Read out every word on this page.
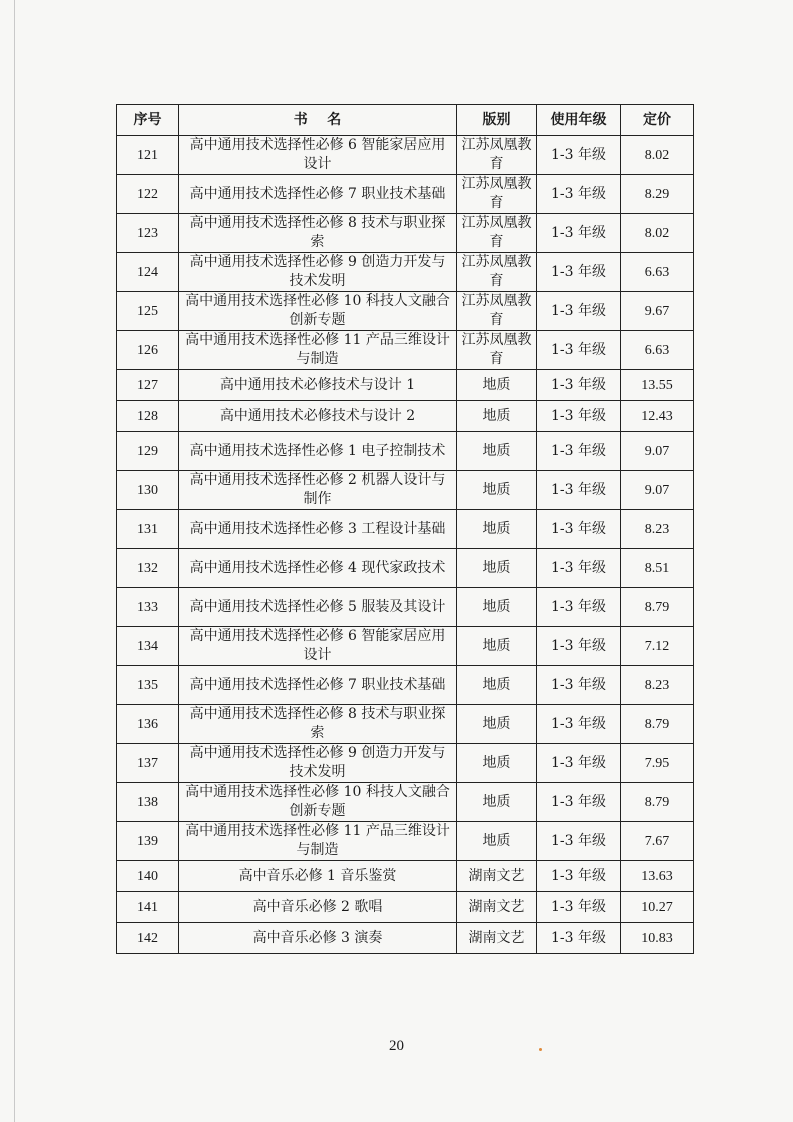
序号	书    名	版别	使用年级	定价
121	高中通用技术选择性必修 6 智能家居应用设计	江苏凤凰教育	1-3 年级	8.02
122	高中通用技术选择性必修 7 职业技术基础	江苏凤凰教育	1-3 年级	8.29
123	高中通用技术选择性必修 8 技术与职业探索	江苏凤凰教育	1-3 年级	8.02
124	高中通用技术选择性必修 9 创造力开发与技术发明	江苏凤凰教育	1-3 年级	6.63
125	高中通用技术选择性必修 10 科技人文融合创新专题	江苏凤凰教育	1-3 年级	9.67
126	高中通用技术选择性必修 11 产品三维设计与制造	江苏凤凰教育	1-3 年级	6.63
127	高中通用技术必修技术与设计 1	地质	1-3 年级	13.55
128	高中通用技术必修技术与设计 2	地质	1-3 年级	12.43
129	高中通用技术选择性必修 1 电子控制技术	地质	1-3 年级	9.07
130	高中通用技术选择性必修 2 机器人设计与制作	地质	1-3 年级	9.07
131	高中通用技术选择性必修 3 工程设计基础	地质	1-3 年级	8.23
132	高中通用技术选择性必修 4 现代家政技术	地质	1-3 年级	8.51
133	高中通用技术选择性必修 5 服装及其设计	地质	1-3 年级	8.79
134	高中通用技术选择性必修 6 智能家居应用设计	地质	1-3 年级	7.12
135	高中通用技术选择性必修 7 职业技术基础	地质	1-3 年级	8.23
136	高中通用技术选择性必修 8 技术与职业探索	地质	1-3 年级	8.79
137	高中通用技术选择性必修 9 创造力开发与技术发明	地质	1-3 年级	7.95
138	高中通用技术选择性必修 10 科技人文融合创新专题	地质	1-3 年级	8.79
139	高中通用技术选择性必修 11 产品三维设计与制造	地质	1-3 年级	7.67
140	高中音乐必修 1 音乐鉴赏	湖南文艺	1-3 年级	13.63
141	高中音乐必修 2 歌唱	湖南文艺	1-3 年级	10.27
142	高中音乐必修 3 演奏	湖南文艺	1-3 年级	10.83
20
